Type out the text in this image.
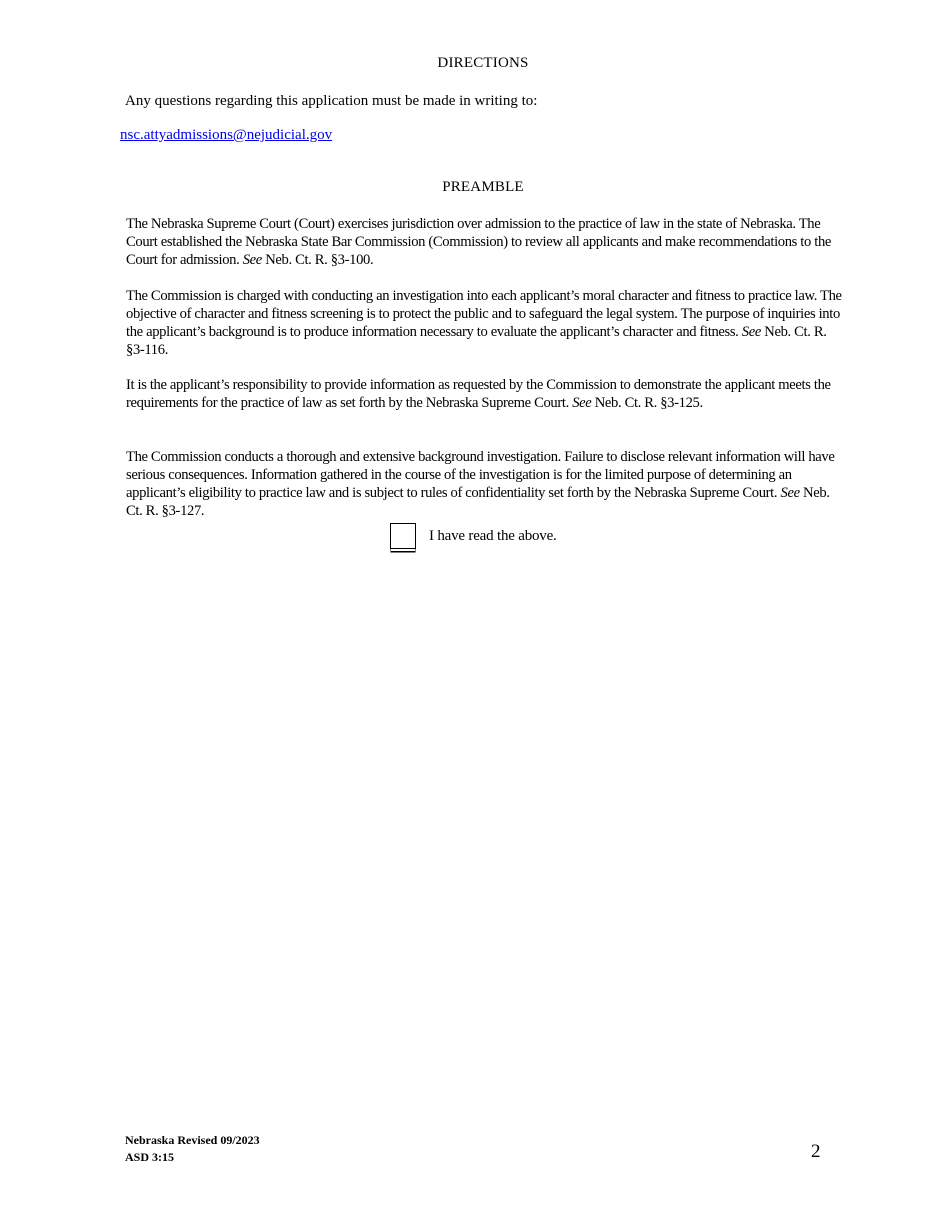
DIRECTIONS
Any questions regarding this application must be made in writing to:
nsc.attyadmissions@nejudicial.gov
PREAMBLE

The Nebraska Supreme Court (Court) exercises jurisdiction over admission to the practice of law in the state of Nebraska. The Court established the Nebraska State Bar Commission (Commission) to review all applicants and make recommendations to the Court for admission. See Neb. Ct. R. §3-100.

The Commission is charged with conducting an investigation into each applicant’s moral character and fitness to practice law. The objective of character and fitness screening is to protect the public and to safeguard the legal system. The purpose of inquiries into the applicant’s background is to produce information necessary to evaluate the applicant’s character and fitness. See Neb. Ct. R. §3-116.

It is the applicant’s responsibility to provide information as requested by the Commission to demonstrate the applicant meets the requirements for the practice of law as set forth by the Nebraska Supreme Court. See Neb. Ct. R. §3-125.

The Commission conducts a thorough and extensive background investigation. Failure to disclose relevant information will have serious consequences. Information gathered in the course of the investigation is for the limited purpose of determining an applicant’s eligibility to practice law and is subject to rules of confidentiality set forth by the Nebraska Supreme Court. See Neb. Ct. R. §3-127.

I have read the above.
Nebraska Revised 09/2023
ASD 3:15	2
